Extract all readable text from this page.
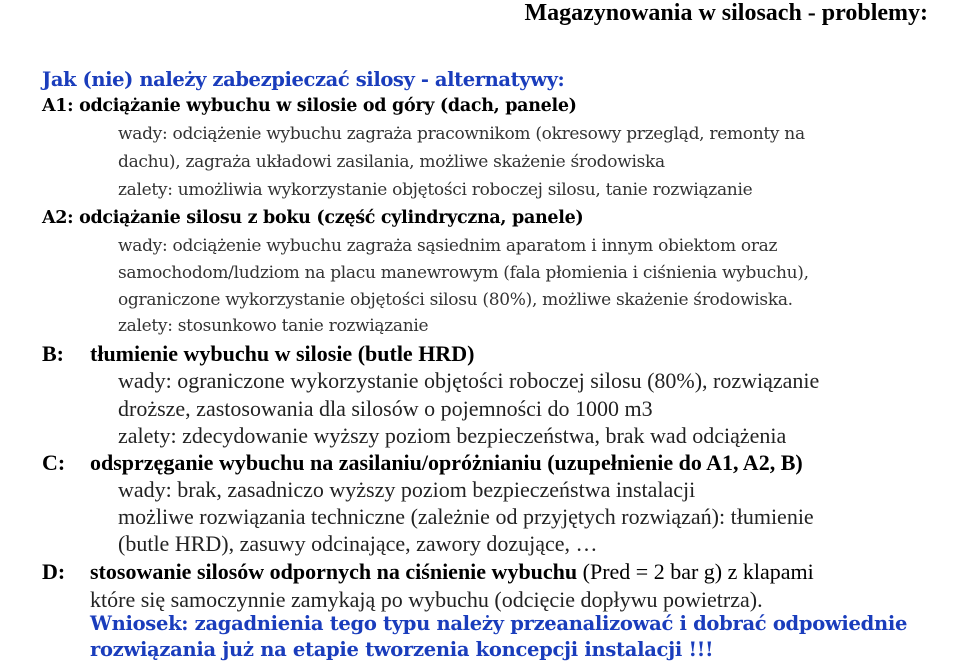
Magazynowania w silosach - problemy:
Jak (nie) należy zabezpieczać silosy - alternatywy:
A1: odciążanie wybuchu w silosie od góry (dach, panele)
wady: odciążenie wybuchu zagraża pracownikom (okresowy przegląd, remonty na
dachu), zagraża układowi zasilania, możliwe skażenie środowiska
zalety: umożliwia wykorzystanie objętości roboczej silosu, tanie rozwiązanie
A2: odciążanie silosu z boku (część cylindryczna, panele)
wady: odciążenie wybuchu zagraża sąsiednim aparatom i innym obiektom oraz
samochodom/ludziom na placu manewrowym (fala płomienia i ciśnienia wybuchu),
ograniczone wykorzystanie objętości silosu (80%), możliwe skażenie środowiska.
zalety: stosunkowo tanie rozwiązanie
B: tłumienie wybuchu w silosie (butle HRD)
wady: ograniczone wykorzystanie objętości roboczej silosu (80%), rozwiązanie
droższe, zastosowania dla silosów o pojemności do 1000 m3
zalety: zdecydowanie wyższy poziom bezpieczeństwa, brak wad odciążenia
C: odsprzęganie wybuchu na zasilaniu/opróżnianiu (uzupełnienie do A1, A2, B)
wady: brak, zasadniczo wyższy poziom bezpieczeństwa instalacji
możliwe rozwiązania techniczne (zależnie od przyjętych rozwiązań): tłumienie
(butle HRD), zasuwy odcinające, zawory dozujące, …
D: stosowanie silosów odpornych na ciśnienie wybuchu (Pred = 2 bar g) z klapami
które się samoczynnie zamykają po wybuchu (odcięcie dopływu powietrza).
Wniosek: zagadnienia tego typu należy przeanalizować i dobrać odpowiednie
rozwiązania już na etapie tworzenia koncepcji instalacji !!!
